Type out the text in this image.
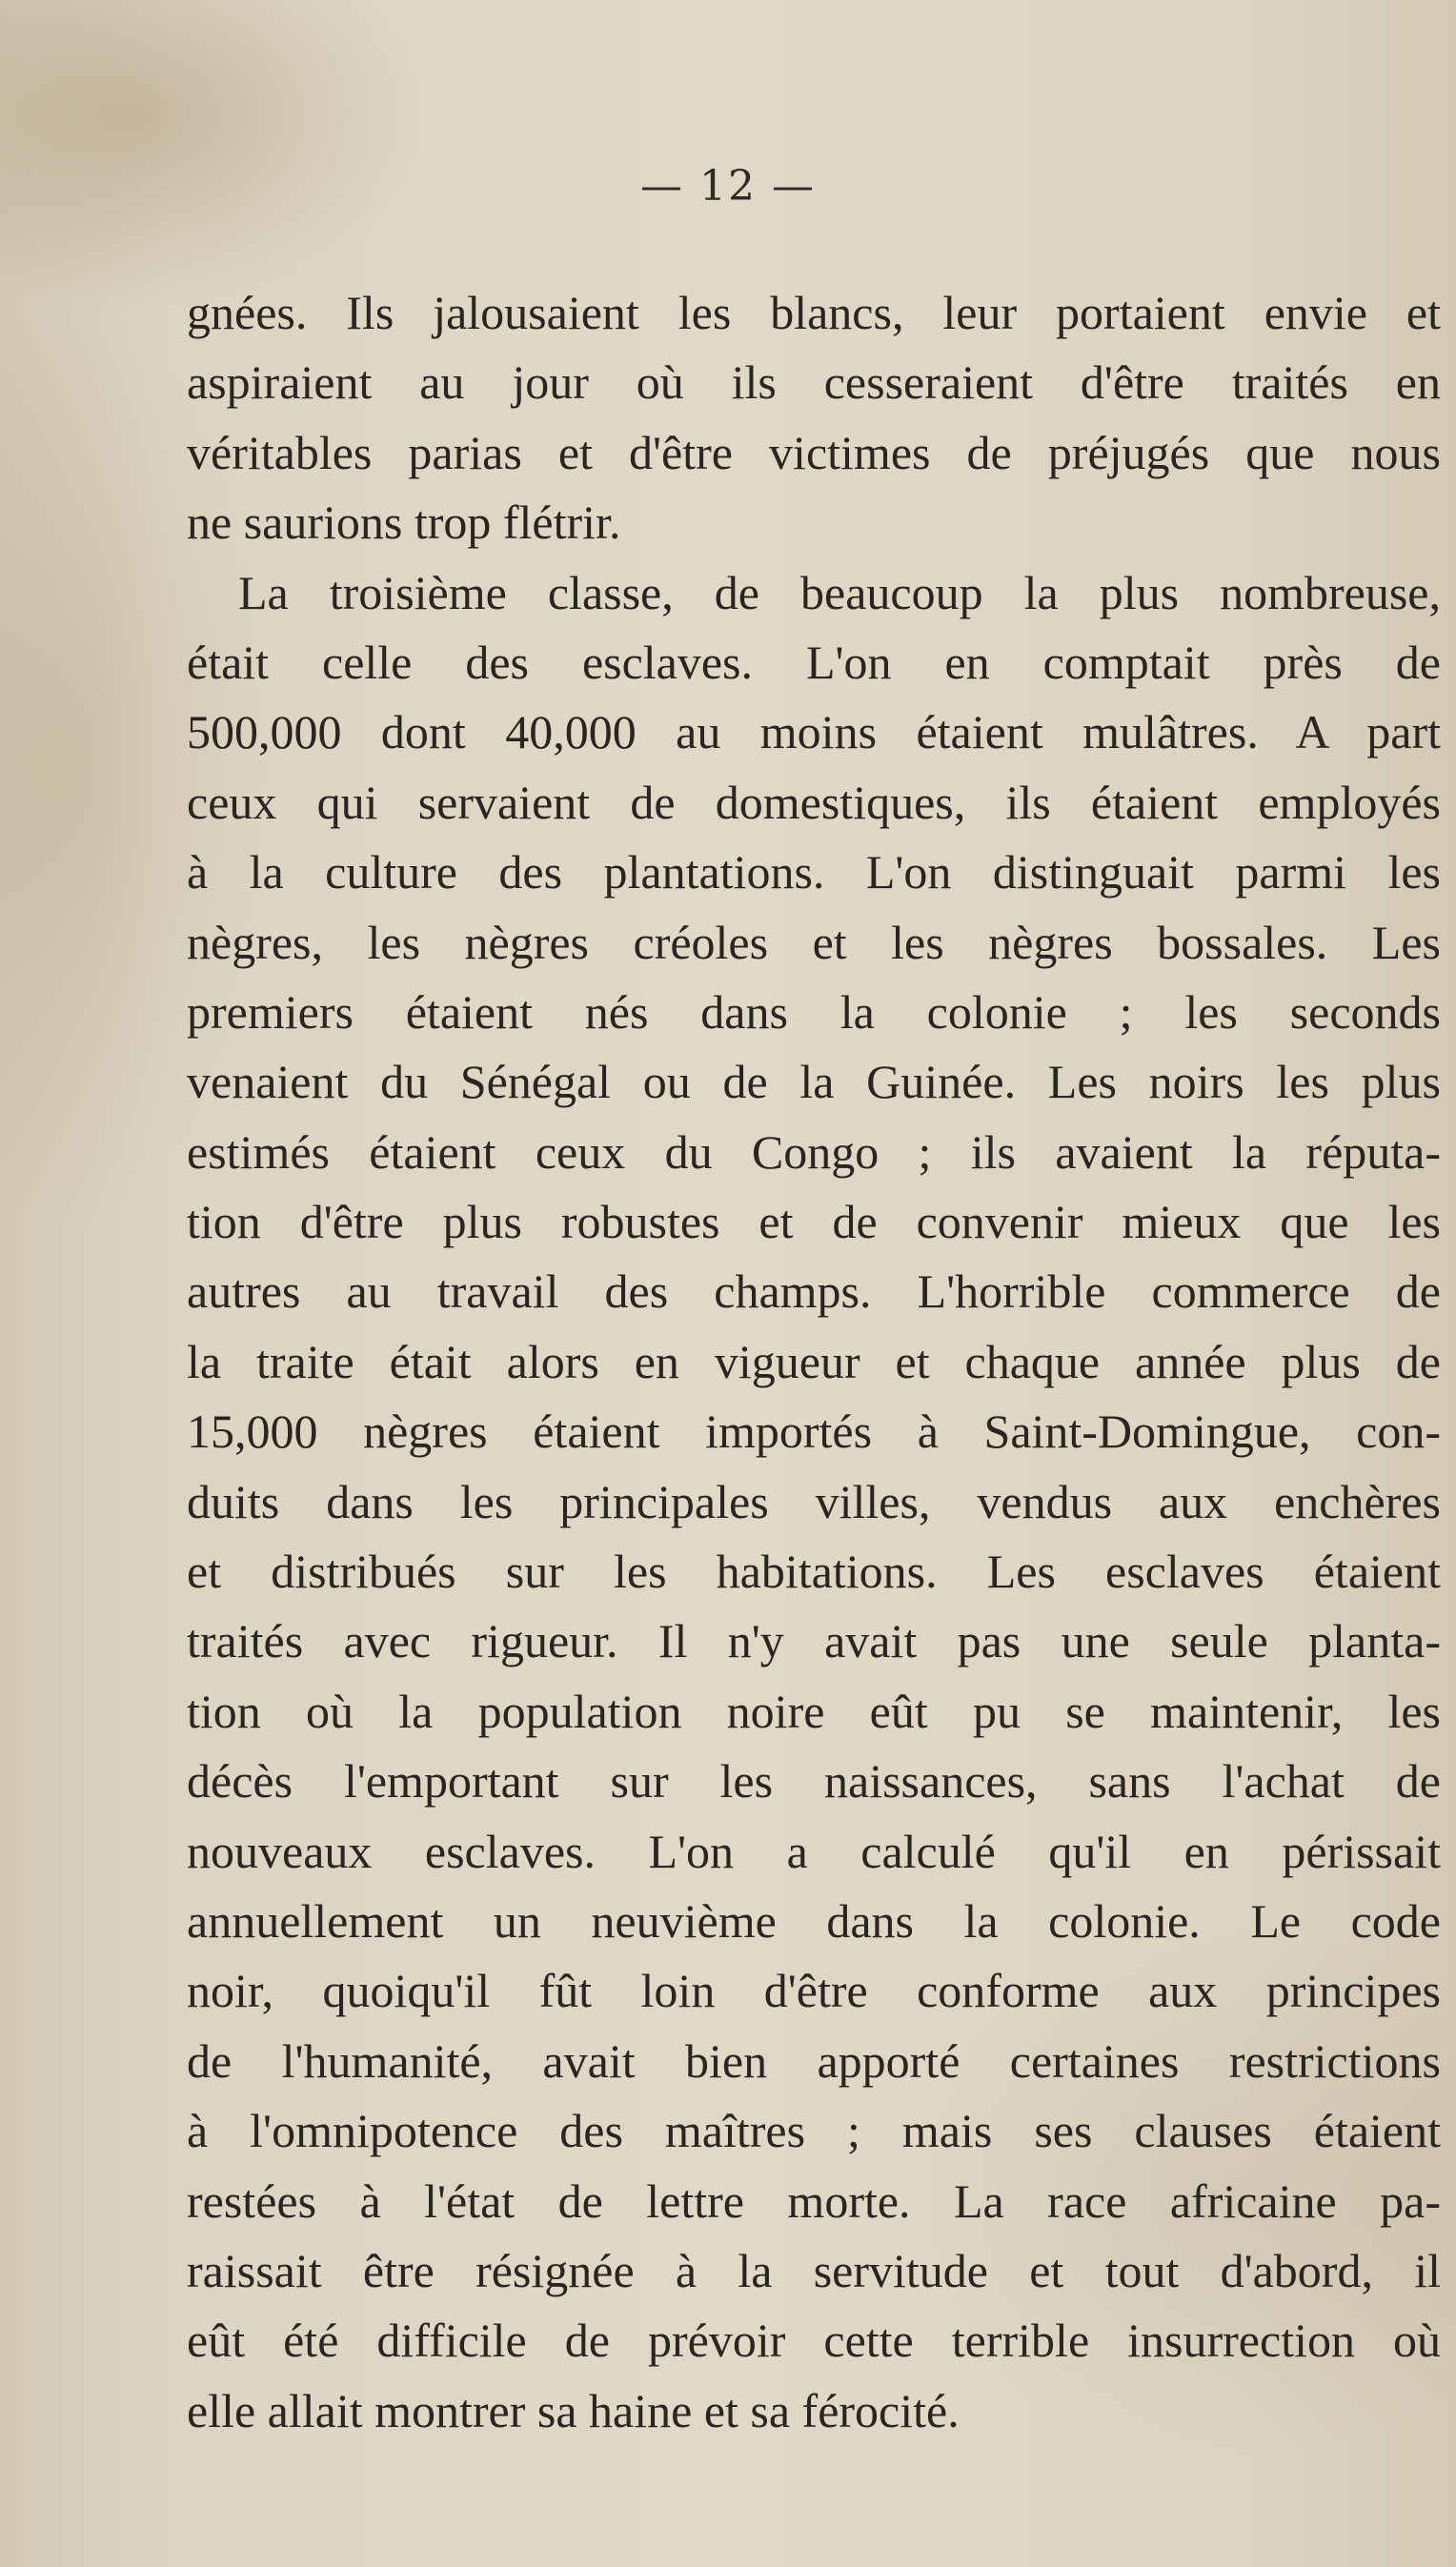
— 12 —
gnées. Ils jalousaient les blancs, leur portaient envie et
aspiraient au jour où ils cesseraient d'être traités en
véritables parias et d'être victimes de préjugés que nous
ne saurions trop flétrir.
La troisième classe, de beaucoup la plus nombreuse,
était celle des esclaves. L'on en comptait près de
500,000 dont 40,000 au moins étaient mulâtres. A part
ceux qui servaient de domestiques, ils étaient employés
à la culture des plantations. L'on distinguait parmi les
nègres, les nègres créoles et les nègres bossales. Les
premiers étaient nés dans la colonie ; les seconds
venaient du Sénégal ou de la Guinée. Les noirs les plus
estimés étaient ceux du Congo ; ils avaient la réputa-
tion d'être plus robustes et de convenir mieux que les
autres au travail des champs. L'horrible commerce de
la traite était alors en vigueur et chaque année plus de
15,000 nègres étaient importés à Saint-Domingue, con-
duits dans les principales villes, vendus aux enchères
et distribués sur les habitations. Les esclaves étaient
traités avec rigueur. Il n'y avait pas une seule planta-
tion où la population noire eût pu se maintenir, les
décès l'emportant sur les naissances, sans l'achat de
nouveaux esclaves. L'on a calculé qu'il en périssait
annuellement un neuvième dans la colonie. Le code
noir, quoiqu'il fût loin d'être conforme aux principes
de l'humanité, avait bien apporté certaines restrictions
à l'omnipotence des maîtres ; mais ses clauses étaient
restées à l'état de lettre morte. La race africaine pa-
raissait être résignée à la servitude et tout d'abord, il
eût été difficile de prévoir cette terrible insurrection où
elle allait montrer sa haine et sa férocité.
